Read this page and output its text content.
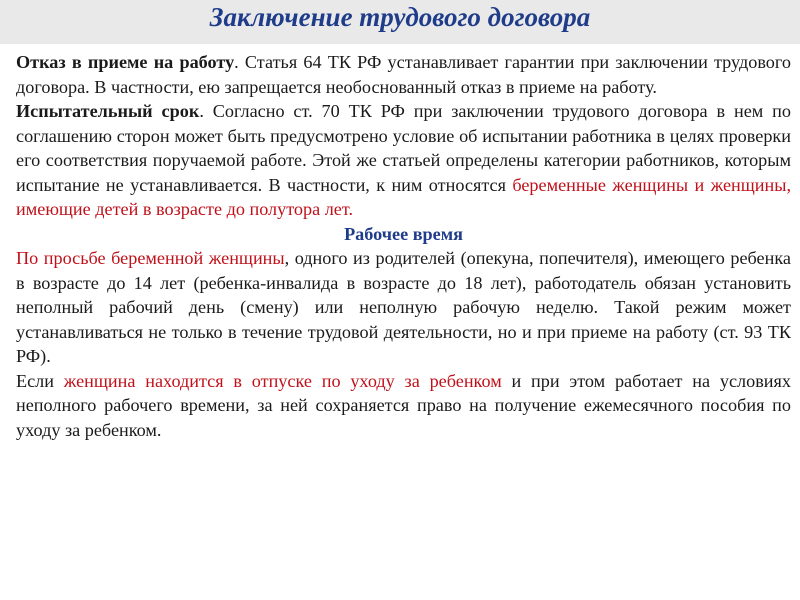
Заключение трудового договора

Отказ в приеме на работу. Статья 64 ТК РФ устанавливает гарантии при заключении трудового договора. В частности, ею запрещается необоснованный отказ в приеме на работу.

Испытательный срок. Согласно ст. 70 ТК РФ при заключении трудового договора в нем по соглашению сторон может быть предусмотрено условие об испытании работника в целях проверки его соответствия поручаемой работе. Этой же статьей определены категории работников, которым испытание не устанавливается. В частности, к ним относятся беременные женщины и женщины, имеющие детей в возрасте до полутора лет.

Рабочее время

По просьбе беременной женщины, одного из родителей (опекуна, попечителя), имеющего ребенка в возрасте до 14 лет (ребенка-инвалида в возрасте до 18 лет), работодатель обязан установить неполный рабочий день (смену) или неполную рабочую неделю. Такой режим может устанавливаться не только в течение трудовой деятельности, но и при приеме на работу (ст. 93 ТК РФ).

Если женщина находится в отпуске по уходу за ребенком и при этом работает на условиях неполного рабочего времени, за ней сохраняется право на получение ежемесячного пособия по уходу за ребенком.
